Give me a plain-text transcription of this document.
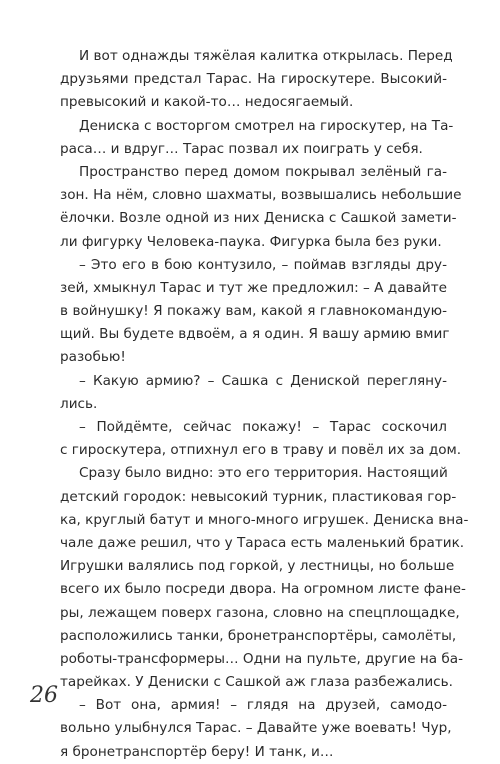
И вот однажды тяжёлая калитка открылась. Перед
друзьями предстал Тарас. На гироскутере. Высокий-
превысокий и какой-то… недосягаемый.
Дениска с восторгом смотрел на гироскутер, на Та-
раса… и вдруг… Тарас позвал их поиграть у себя.
Пространство перед домом покрывал зелёный га-
зон. На нём, словно шахматы, возвышались небольшие
ёлочки. Возле одной из них Дениска с Сашкой замети-
ли фигурку Человека-паука. Фигурка была без руки.
– Это его в бою контузило, – поймав взгляды дру-
зей, хмыкнул Тарас и тут же предложил: – А давайте
в войнушку! Я покажу вам, какой я главнокомандую-
щий. Вы будете вдвоём, а я один. Я вашу армию вмиг
разобью!
– Какую армию? – Сашка с Дениской перегляну-
лись.
– Пойдёмте, сейчас покажу! – Тарас соскочил
с гироскутера, отпихнул его в траву и повёл их за дом.
Сразу было видно: это его территория. Настоящий
детский городок: невысокий турник, пластиковая гор-
ка, круглый батут и много-много игрушек. Дениска вна-
чале даже решил, что у Тараса есть маленький братик.
Игрушки валялись под горкой, у лестницы, но больше
всего их было посреди двора. На огромном листе фане-
ры, лежащем поверх газона, словно на спецплощадке,
расположились танки, бронетранспортёры, самолёты,
роботы-трансформеры… Одни на пульте, другие на ба-
тарейках. У Дениски с Сашкой аж глаза разбежались.
– Вот она, армия! – глядя на друзей, самодо-
вольно улыбнулся Тарас. – Давайте уже воевать! Чур,
я бронетранспортёр беру! И танк, и…
26
